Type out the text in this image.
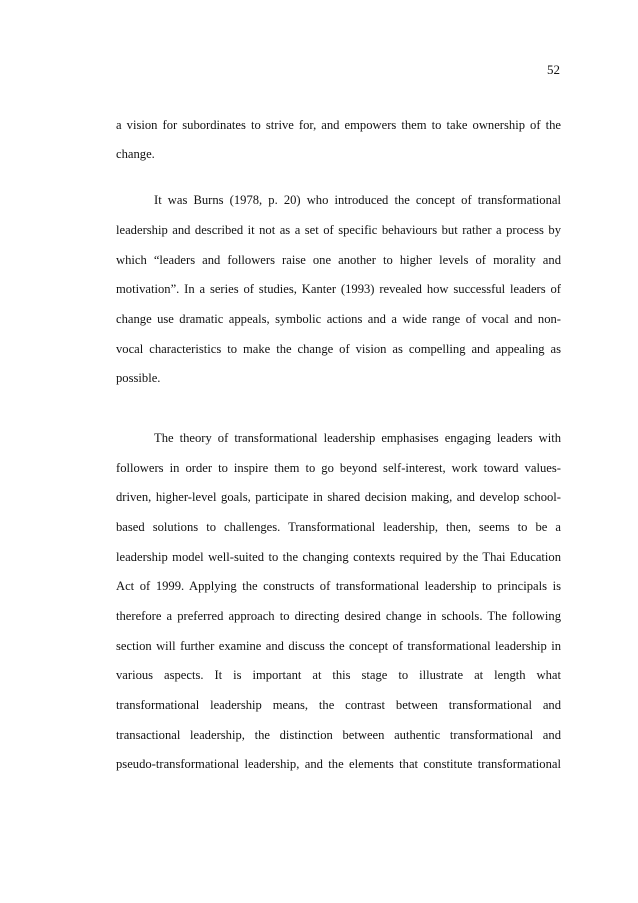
52
a vision for subordinates to strive for, and empowers them to take ownership of the
change.
It was Burns (1978, p. 20) who introduced the concept of transformational
leadership and described it not as a set of specific behaviours but rather a process by
which “leaders and followers raise one another to higher levels of morality and
motivation”. In a series of studies, Kanter (1993) revealed how successful leaders of
change use dramatic appeals, symbolic actions and a wide range of vocal and non-
vocal characteristics to make the change of vision as compelling and appealing as
possible.
The theory of transformational leadership emphasises engaging leaders with
followers in order to inspire them to go beyond self-interest, work toward values-
driven, higher-level goals, participate in shared decision making, and develop school-
based solutions to challenges. Transformational leadership, then, seems to be a
leadership model well-suited to the changing contexts required by the Thai Education
Act of 1999. Applying the constructs of transformational leadership to principals is
therefore a preferred approach to directing desired change in schools. The following
section will further examine and discuss the concept of transformational leadership in
various aspects. It is important at this stage to illustrate at length what
transformational leadership means, the contrast between transformational and
transactional leadership, the distinction between authentic transformational and
pseudo-transformational leadership, and the elements that constitute transformational
